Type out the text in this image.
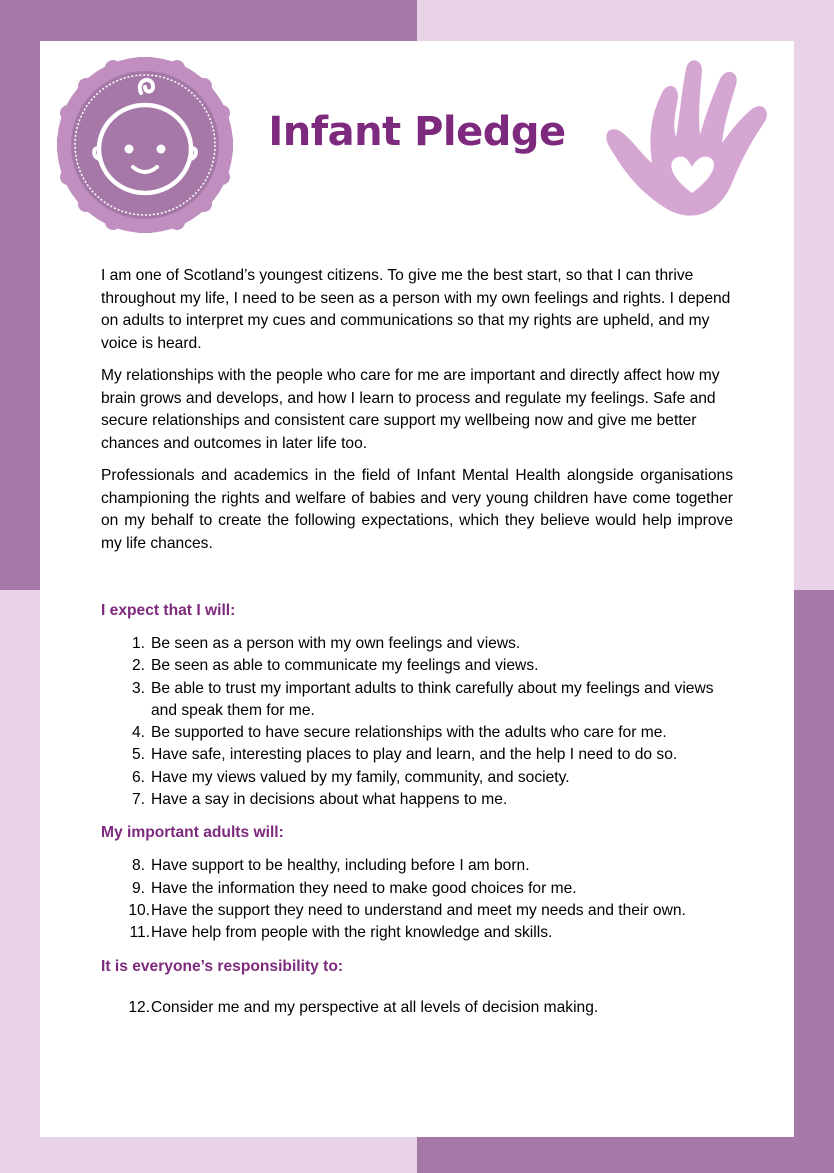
Infant Pledge

I am one of Scotland’s youngest citizens. To give me the best start, so that I can thrive throughout my life, I need to be seen as a person with my own feelings and rights. I depend on adults to interpret my cues and communications so that my rights are upheld, and my voice is heard.

My relationships with the people who care for me are important and directly affect how my brain grows and develops, and how I learn to process and regulate my feelings. Safe and secure relationships and consistent care support my wellbeing now and give me better chances and outcomes in later life too.

Professionals and academics in the field of Infant Mental Health alongside organisations championing the rights and welfare of babies and very young children have come together on my behalf to create the following expectations, which they believe would help improve my life chances.

I expect that I will:

1. Be seen as a person with my own feelings and views.
2. Be seen as able to communicate my feelings and views.
3. Be able to trust my important adults to think carefully about my feelings and views and speak them for me.
4. Be supported to have secure relationships with the adults who care for me.
5. Have safe, interesting places to play and learn, and the help I need to do so.
6. Have my views valued by my family, community, and society.
7. Have a say in decisions about what happens to me.

My important adults will:

8. Have support to be healthy, including before I am born.
9. Have the information they need to make good choices for me.
10. Have the support they need to understand and meet my needs and their own.
11. Have help from people with the right knowledge and skills.

It is everyone’s responsibility to:

12. Consider me and my perspective at all levels of decision making.
